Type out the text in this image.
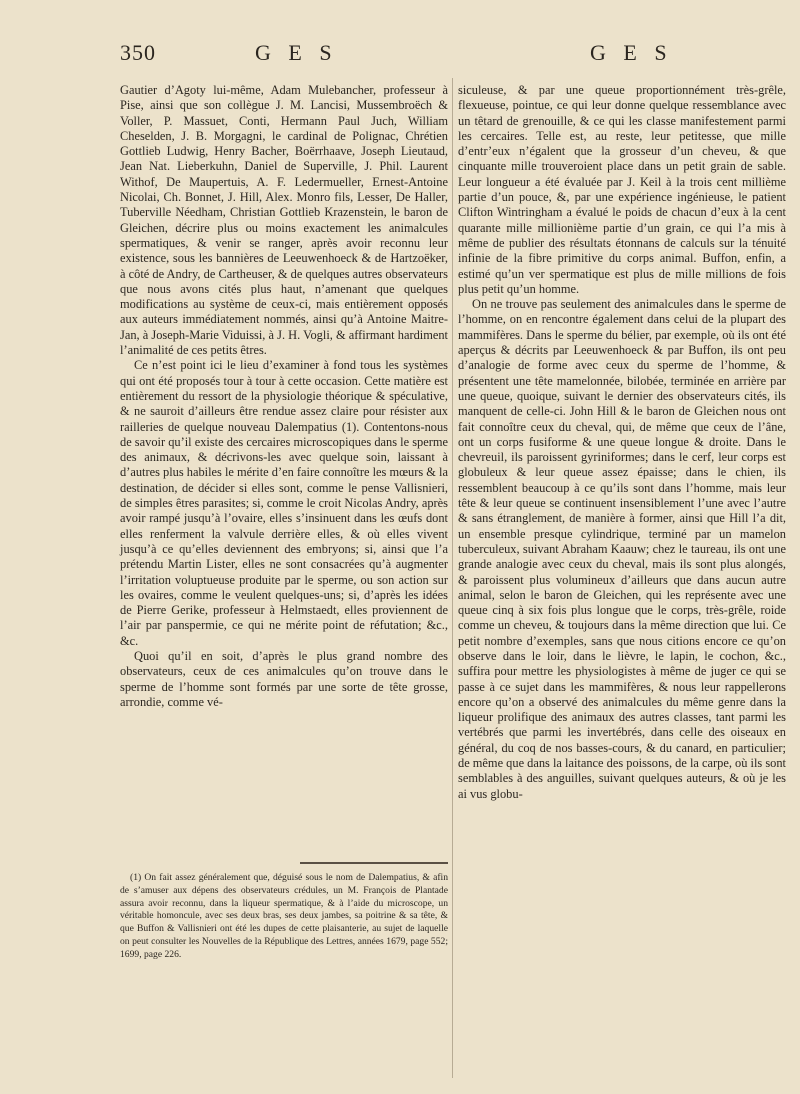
350	G E S	G E S

Gautier d’Agoty lui-même, Adam Mulebancher, professeur à Pise, ainsi que son collègue J. M. Lancisi, Mussembroëch & Voller, P. Massuet, Conti, Hermann Paul Juch, William Cheselden, J. B. Morgagni, le cardinal de Polignac, Chrétien Gottlieb Ludwig, Henry Bacher, Boërrhaave, Joseph Lieutaud, Jean Nat. Lieberkuhn, Daniel de Superville, J. Phil. Laurent Withof, De Maupertuis, A. F. Ledermueller, Ernest-Antoine Nicolai, Ch. Bonnet, J. Hill, Alex. Monro fils, Lesser, De Haller, Tuberville Néedham, Christian Gottlieb Krazenstein, le baron de Gleichen, décrire plus ou moins exactement les animalcules spermatiques, & venir se ranger, après avoir reconnu leur existence, sous les bannières de Leeuwenhoeck & de Hartzoëker, à côté de Andry, de Cartheuser, & de quelques autres observateurs que nous avons cités plus haut, n’amenant que quelques modifications au système de ceux-ci, mais entièrement opposés aux auteurs immédiatement nommés, ainsi qu’à Antoine Maitre-Jan, à Joseph-Marie Viduissi, à J. H. Vogli, & affirmant hardiment l’animalité de ces petits êtres.

Ce n’est point ici le lieu d’examiner à fond tous les systèmes qui ont été proposés tour à tour à cette occasion. Cette matière est entièrement du ressort de la physiologie théorique & spéculative, & ne sauroit d’ailleurs être rendue assez claire pour résister aux railleries de quelque nouveau Dalempatius (1). Contentons-nous de savoir qu’il existe des cercaires microscopiques dans le sperme des animaux, & décrivons-les avec quelque soin, laissant à d’autres plus habiles le mérite d’en faire connoître les mœurs & la destination, de décider si elles sont, comme le pense Vallisnieri, de simples êtres parasites; si, comme le croit Nicolas Andry, après avoir rampé jusqu’à l’ovaire, elles s’insinuent dans les œufs dont elles renferment la valvule derrière elles, & où elles vivent jusqu’à ce qu’elles deviennent des embryons; si, ainsi que l’a prétendu Martin Lister, elles ne sont consacrées qu’à augmenter l’irritation voluptueuse produite par le sperme, ou son action sur les ovaires, comme le veulent quelques-uns; si, d’après les idées de Pierre Gerike, professeur à Helmstaedt, elles proviennent de l’air par panspermie, ce qui ne mérite point de réfutation; &c., &c.

Quoi qu’il en soit, d’après le plus grand nombre des observateurs, ceux de ces animalcules qu’on trouve dans le sperme de l’homme sont formés par une sorte de tête grosse, arrondie, comme vé-

(1) On fait assez généralement que, déguisé sous le nom de Dalempatius, & afin de s’amuser aux dépens des observateurs crédules, un M. François de Plantade assura avoir reconnu, dans la liqueur spermatique, & à l’aide du microscope, un véritable homoncule, avec ses deux bras, ses deux jambes, sa poitrine & sa tête, & que Buffon & Vallisnieri ont été les dupes de cette plaisanterie, au sujet de laquelle on peut consulter les Nouvelles de la République des Lettres, années 1679, page 552; 1699, page 226.

siculeuse, & par une queue proportionnément très-grêle, flexueuse, pointue, ce qui leur donne quelque ressemblance avec un têtard de grenouille, & ce qui les classe manifestement parmi les cercaires. Telle est, au reste, leur petitesse, que mille d’entr’eux n’égalent que la grosseur d’un cheveu, & que cinquante mille trouveroient place dans un petit grain de sable. Leur longueur a été évaluée par J. Keil à la trois cent millième partie d’un pouce, &, par une expérience ingénieuse, le patient Clifton Wintringham a évalué le poids de chacun d’eux à la cent quarante mille millionième partie d’un grain, ce qui l’a mis à même de publier des résultats étonnans de calculs sur la ténuité infinie de la fibre primitive du corps animal. Buffon, enfin, a estimé qu’un ver spermatique est plus de mille millions de fois plus petit qu’un homme.

On ne trouve pas seulement des animalcules dans le sperme de l’homme, on en rencontre également dans celui de la plupart des mammifères. Dans le sperme du bélier, par exemple, où ils ont été aperçus & décrits par Leeuwenhoeck & par Buffon, ils ont peu d’analogie de forme avec ceux du sperme de l’homme, & présentent une tête mamelonnée, bilobée, terminée en arrière par une queue, quoique, suivant le dernier des observateurs cités, ils manquent de celle-ci. John Hill & le baron de Gleichen nous ont fait connoître ceux du cheval, qui, de même que ceux de l’âne, ont un corps fusiforme & une queue longue & droite. Dans le chevreuil, ils paroissent gyriniformes; dans le cerf, leur corps est globuleux & leur queue assez épaisse; dans le chien, ils ressemblent beaucoup à ce qu’ils sont dans l’homme, mais leur tête & leur queue se continuent insensiblement l’une avec l’autre & sans étranglement, de manière à former, ainsi que Hill l’a dit, un ensemble presque cylindrique, terminé par un mamelon tuberculeux, suivant Abraham Kaauw; chez le taureau, ils ont une grande analogie avec ceux du cheval, mais ils sont plus alongés, & paroissent plus volumineux d’ailleurs que dans aucun autre animal, selon le baron de Gleichen, qui les représente avec une queue cinq à six fois plus longue que le corps, très-grêle, roide comme un cheveu, & toujours dans la même direction que lui. Ce petit nombre d’exemples, sans que nous citions encore ce qu’on observe dans le loir, dans le lièvre, le lapin, le cochon, &c., suffira pour mettre les physiologistes à même de juger ce qui se passe à ce sujet dans les mammifères, & nous leur rappellerons encore qu’on a observé des animalcules du même genre dans la liqueur prolifique des animaux des autres classes, tant parmi les vertébrés que parmi les invertébrés, dans celle des oiseaux en général, du coq de nos basses-cours, & du canard, en particulier; de même que dans la laitance des poissons, de la carpe, où ils sont semblables à des anguilles, suivant quelques auteurs, & où je les ai vus globu-
